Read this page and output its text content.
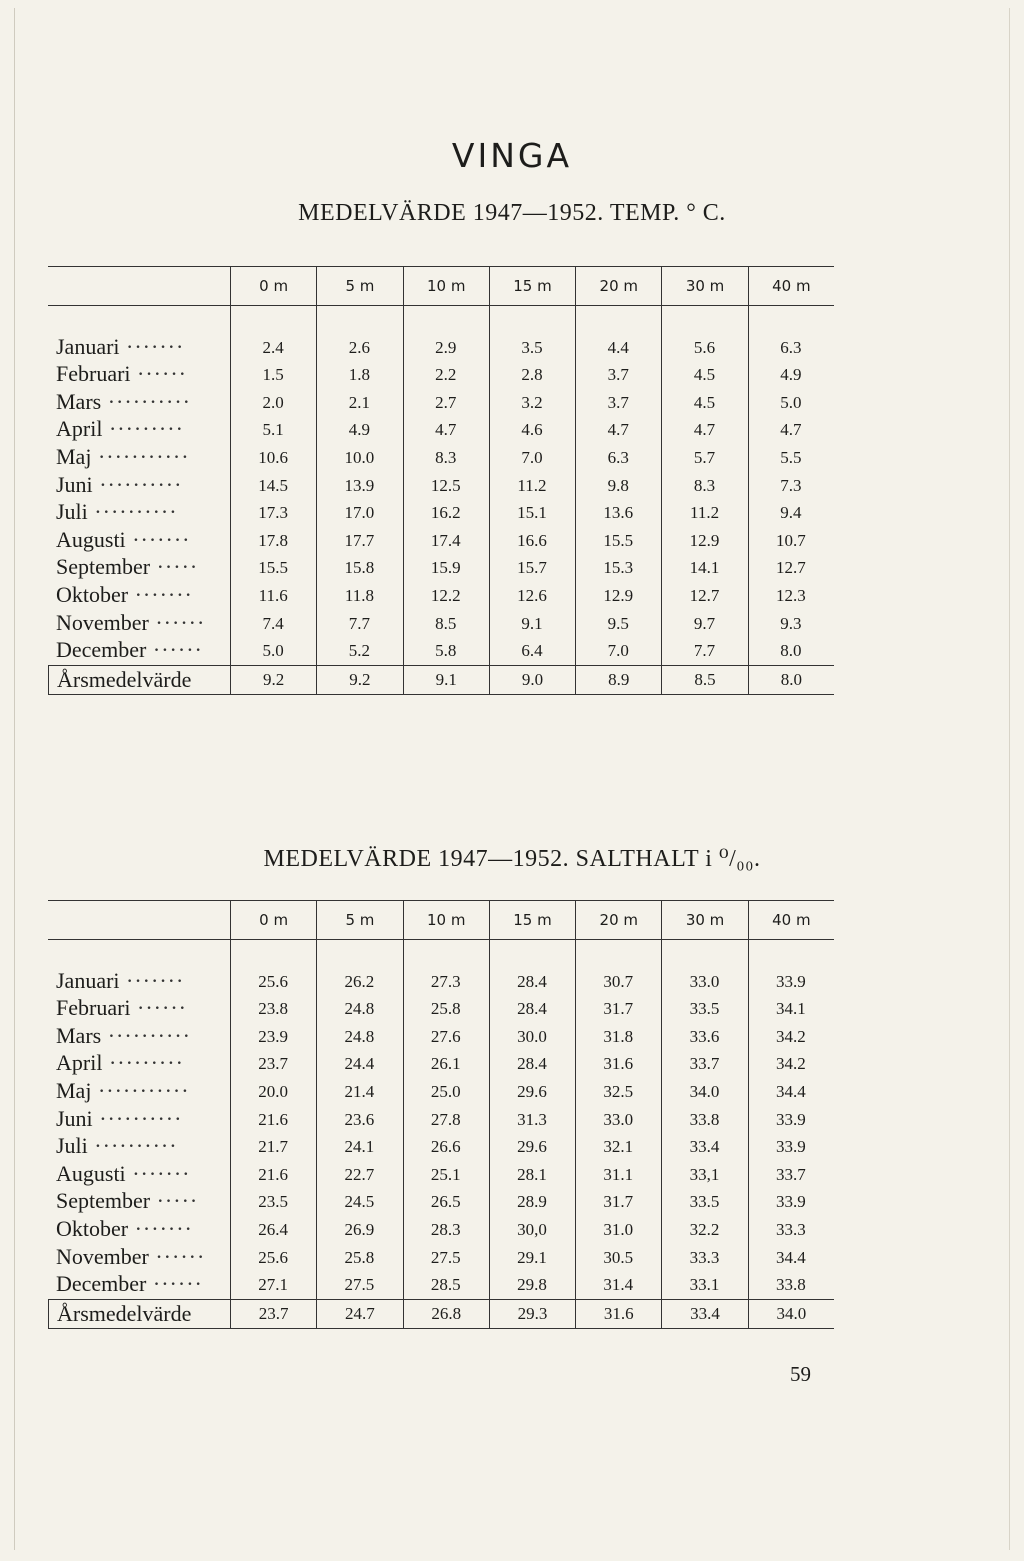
VINGA
MEDELVÄRDE 1947—1952. TEMP. ° C.
0 m	5 m	10 m	15 m	20 m	30 m	40 m
Januari ·······	2.4	2.6	2.9	3.5	4.4	5.6	6.3
Februari ······	1.5	1.8	2.2	2.8	3.7	4.5	4.9
Mars ··········	2.0	2.1	2.7	3.2	3.7	4.5	5.0
April ·········	5.1	4.9	4.7	4.6	4.7	4.7	4.7
Maj ···········	10.6	10.0	8.3	7.0	6.3	5.7	5.5
Juni ··········	14.5	13.9	12.5	11.2	9.8	8.3	7.3
Juli ··········	17.3	17.0	16.2	15.1	13.6	11.2	9.4
Augusti ·······	17.8	17.7	17.4	16.6	15.5	12.9	10.7
September ·····	15.5	15.8	15.9	15.7	15.3	14.1	12.7
Oktober ·······	11.6	11.8	12.2	12.6	12.9	12.7	12.3
November ······	7.4	7.7	8.5	9.1	9.5	9.7	9.3
December ······	5.0	5.2	5.8	6.4	7.0	7.7	8.0
Årsmedelvärde	9.2	9.2	9.1	9.0	8.9	8.5	8.0
MEDELVÄRDE 1947—1952. SALTHALT i ⁰/₀₀.
0 m	5 m	10 m	15 m	20 m	30 m	40 m
Januari ·······	25.6	26.2	27.3	28.4	30.7	33.0	33.9
Februari ······	23.8	24.8	25.8	28.4	31.7	33.5	34.1
Mars ··········	23.9	24.8	27.6	30.0	31.8	33.6	34.2
April ·········	23.7	24.4	26.1	28.4	31.6	33.7	34.2
Maj ···········	20.0	21.4	25.0	29.6	32.5	34.0	34.4
Juni ··········	21.6	23.6	27.8	31.3	33.0	33.8	33.9
Juli ··········	21.7	24.1	26.6	29.6	32.1	33.4	33.9
Augusti ·······	21.6	22.7	25.1	28.1	31.1	33,1	33.7
September ·····	23.5	24.5	26.5	28.9	31.7	33.5	33.9
Oktober ·······	26.4	26.9	28.3	30,0	31.0	32.2	33.3
November ······	25.6	25.8	27.5	29.1	30.5	33.3	34.4
December ······	27.1	27.5	28.5	29.8	31.4	33.1	33.8
Årsmedelvärde	23.7	24.7	26.8	29.3	31.6	33.4	34.0
59
